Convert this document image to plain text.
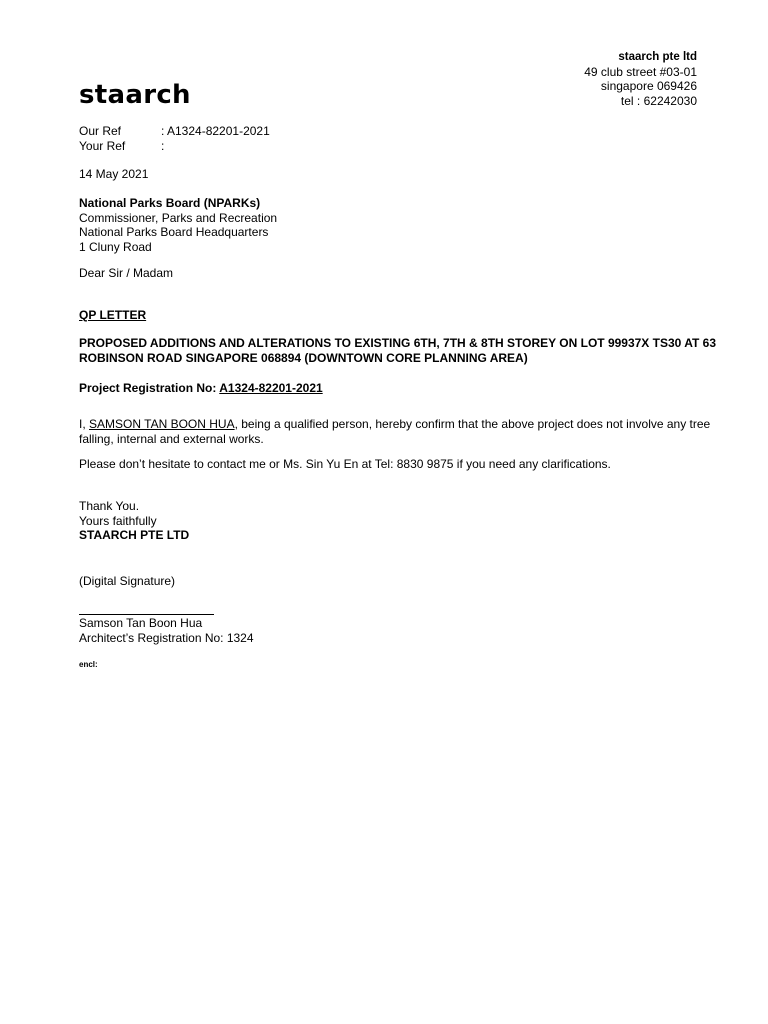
staarch
staarch pte ltd
49 club street #03-01
singapore 069426
tel : 62242030
Our Ref	: A1324-82201-2021
Your Ref	:
14 May 2021
National Parks Board (NPARKs)
Commissioner, Parks and Recreation
National Parks Board Headquarters
1 Cluny Road
Dear Sir / Madam
QP LETTER
PROPOSED ADDITIONS AND ALTERATIONS TO EXISTING 6TH, 7TH & 8TH STOREY ON LOT 99937X TS30 AT 63 ROBINSON ROAD SINGAPORE 068894 (DOWNTOWN CORE PLANNING AREA)
Project Registration No: A1324-82201-2021
I, SAMSON TAN BOON HUA, being a qualified person, hereby confirm that the above project does not involve any tree falling, internal and external works.
Please don’t hesitate to contact me or Ms. Sin Yu En at Tel: 8830 9875 if you need any clarifications.
Thank You.
Yours faithfully
STAARCH PTE LTD
(Digital Signature)
Samson Tan Boon Hua
Architect’s Registration No: 1324
encl:
